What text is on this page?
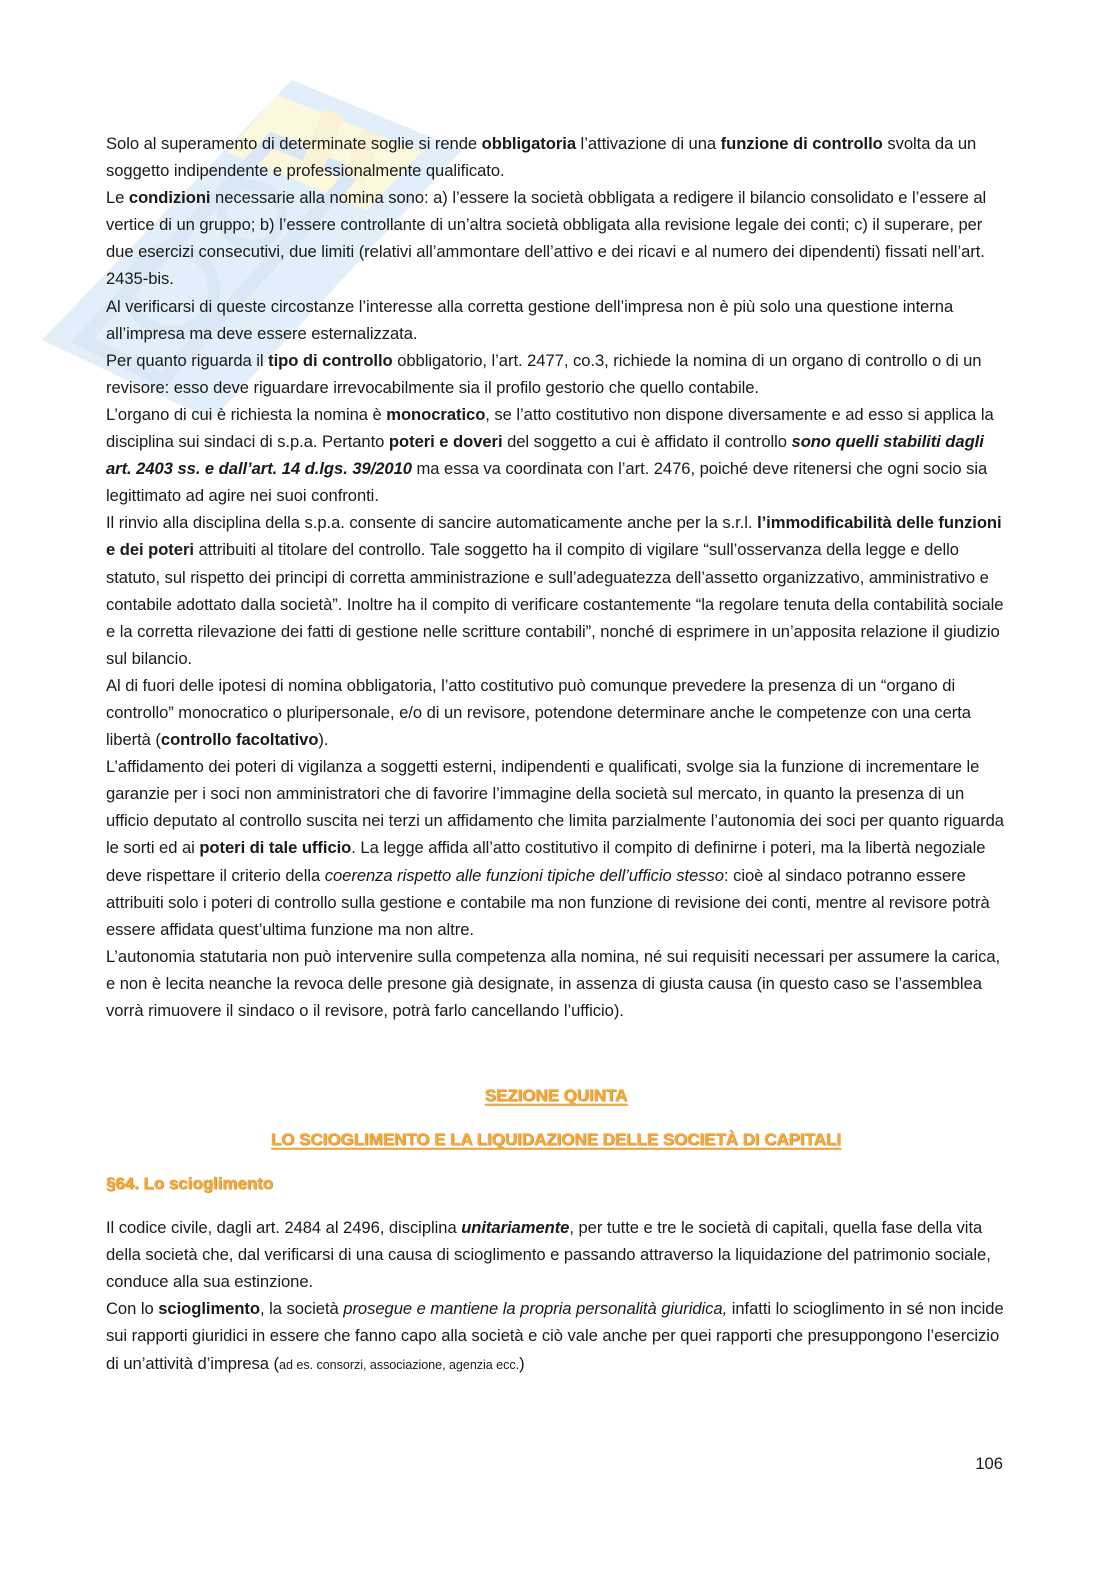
Solo al superamento di determinate soglie si rende obbligatoria l’attivazione di una funzione di controllo svolta da un soggetto indipendente e professionalmente qualificato.

Le condizioni necessarie alla nomina sono: a) l’essere la società obbligata a redigere il bilancio consolidato e l’essere al vertice di un gruppo; b) l’essere controllante di un’altra società obbligata alla revisione legale dei conti; c) il superare, per due esercizi consecutivi, due limiti (relativi all’ammontare dell’attivo e dei ricavi e al numero dei dipendenti) fissati nell’art. 2435-bis.

Al verificarsi di queste circostanze l’interesse alla corretta gestione dell’impresa non è più solo una questione interna all’impresa ma deve essere esternalizzata.

Per quanto riguarda il tipo di controllo obbligatorio, l’art. 2477, co.3, richiede la nomina di un organo di controllo o di un revisore: esso deve riguardare irrevocabilmente sia il profilo gestorio che quello contabile.

L’organo di cui è richiesta la nomina è monocratico, se l’atto costitutivo non dispone diversamente e ad esso si applica la disciplina sui sindaci di s.p.a. Pertanto poteri e doveri del soggetto a cui è affidato il controllo sono quelli stabiliti dagli art. 2403 ss. e dall’art. 14 d.lgs. 39/2010 ma essa va coordinata con l’art. 2476, poiché deve ritenersi che ogni socio sia legittimato ad agire nei suoi confronti.

Il rinvio alla disciplina della s.p.a. consente di sancire automaticamente anche per la s.r.l. l’immodificabilità delle funzioni e dei poteri attribuiti al titolare del controllo. Tale soggetto ha il compito di vigilare “sull’osservanza della legge e dello statuto, sul rispetto dei principi di corretta amministrazione e sull’adeguatezza dell’assetto organizzativo, amministrativo e contabile adottato dalla società”. Inoltre ha il compito di verificare costantemente “la regolare tenuta della contabilità sociale e la corretta rilevazione dei fatti di gestione nelle scritture contabili”, nonché di esprimere in un’apposita relazione il giudizio sul bilancio.

Al di fuori delle ipotesi di nomina obbligatoria, l’atto costitutivo può comunque prevedere la presenza di un “organo di controllo” monocratico o pluripersonale, e/o di un revisore, potendone determinare anche le competenze con una certa libertà (controllo facoltativo).

L’affidamento dei poteri di vigilanza a soggetti esterni, indipendenti e qualificati, svolge sia la funzione di incrementare le garanzie per i soci non amministratori che di favorire l’immagine della società sul mercato, in quanto la presenza di un ufficio deputato al controllo suscita nei terzi un affidamento che limita parzialmente l’autonomia dei soci per quanto riguarda le sorti ed ai poteri di tale ufficio. La legge affida all’atto costitutivo il compito di definirne i poteri, ma la libertà negoziale deve rispettare il criterio della coerenza rispetto alle funzioni tipiche dell’ufficio stesso: cioè al sindaco potranno essere attribuiti solo i poteri di controllo sulla gestione e contabile ma non funzione di revisione dei conti, mentre al revisore potrà essere affidata quest’ultima funzione ma non altre.

L’autonomia statutaria non può intervenire sulla competenza alla nomina, né sui requisiti necessari per assumere la carica, e non è lecita neanche la revoca delle presone già designate, in assenza di giusta causa (in questo caso se l’assemblea vorrà rimuovere il sindaco o il revisore, potrà farlo cancellando l’ufficio).

SEZIONE QUINTA
LO SCIOGLIMENTO E LA LIQUIDAZIONE DELLE SOCIETÀ DI CAPITALI
§64. Lo scioglimento

Il codice civile, dagli art. 2484 al 2496, disciplina unitariamente, per tutte e tre le società di capitali, quella fase della vita della società che, dal verificarsi di una causa di scioglimento e passando attraverso la liquidazione del patrimonio sociale, conduce alla sua estinzione.

Con lo scioglimento, la società prosegue e mantiene la propria personalità giuridica, infatti lo scioglimento in sé non incide sui rapporti giuridici in essere che fanno capo alla società e ciò vale anche per quei rapporti che presuppongono l’esercizio di un’attività d’impresa (ad es. consorzi, associazione, agenzia ecc.)

106
